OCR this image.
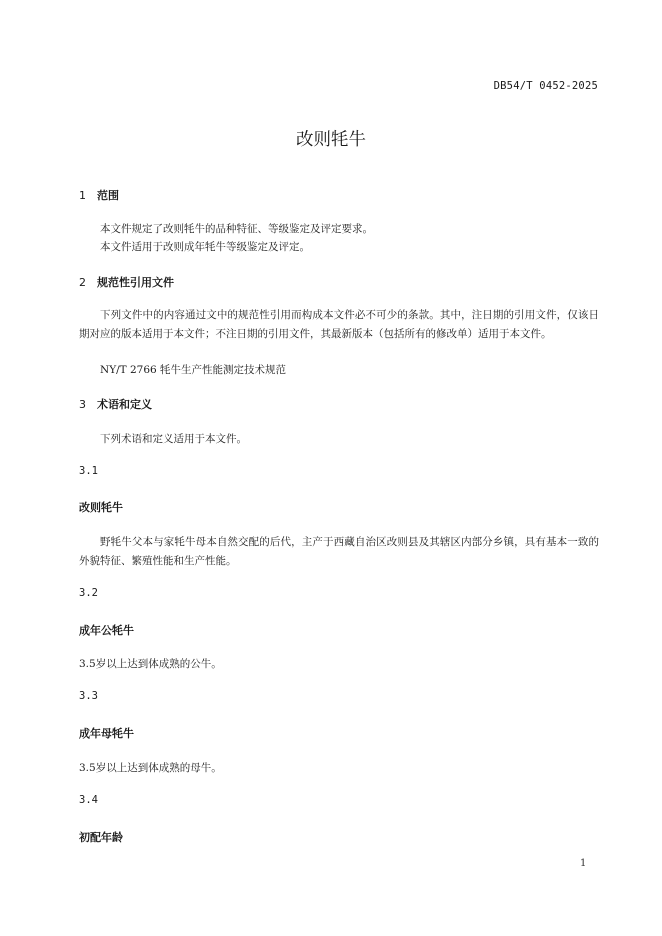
DB54/T 0452-2025
改则牦牛
1 范围
本文件规定了改则牦牛的品种特征、等级鉴定及评定要求。
本文件适用于改则成年牦牛等级鉴定及评定。
2 规范性引用文件
下列文件中的内容通过文中的规范性引用而构成本文件必不可少的条款。其中，注日期的引用文件，仅该日期对应的版本适用于本文件；不注日期的引用文件，其最新版本（包括所有的修改单）适用于本文件。
NY/T 2766 牦牛生产性能测定技术规范
3 术语和定义
下列术语和定义适用于本文件。
3.1
改则牦牛
野牦牛父本与家牦牛母本自然交配的后代，主产于西藏自治区改则县及其辖区内部分乡镇，具有基本一致的外貌特征、繁殖性能和生产性能。
3.2
成年公牦牛
3.5岁以上达到体成熟的公牛。
3.3
成年母牦牛
3.5岁以上达到体成熟的母牛。
3.4
初配年龄
1
